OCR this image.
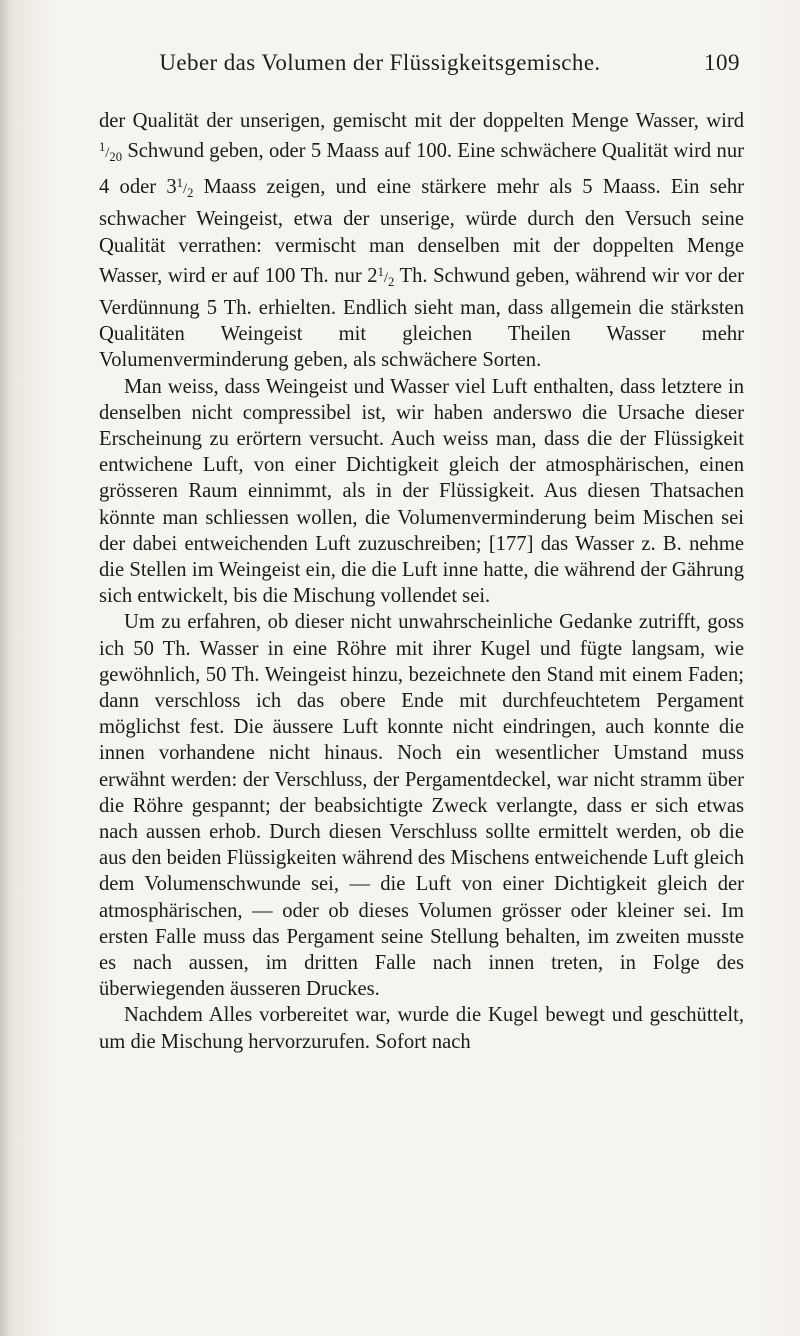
Ueber das Volumen der Flüssigkeitsgemische.	109

der Qualität der unserigen, gemischt mit der doppelten Menge Wasser, wird $^1/_{20}$ Schwund geben, oder 5 Maass auf 100. Eine schwächere Qualität wird nur 4 oder $3^1/_2$ Maass zeigen, und eine stärkere mehr als 5 Maass. Ein sehr schwacher Weingeist, etwa der unserige, würde durch den Versuch seine Qualität verrathen: vermischt man denselben mit der doppelten Menge Wasser, wird er auf 100 Th. nur $2^1/_2$ Th. Schwund geben, während wir vor der Verdünnung 5 Th. erhielten. Endlich sieht man, dass allgemein die stärksten Qualitäten Weingeist mit gleichen Theilen Wasser mehr Volumenverminderung geben, als schwächere Sorten.

Man weiss, dass Weingeist und Wasser viel Luft enthalten, dass letztere in denselben nicht compressibel ist, wir haben anderswo die Ursache dieser Erscheinung zu erörtern versucht. Auch weiss man, dass die der Flüssigkeit entwichene Luft, von einer Dichtigkeit gleich der atmosphärischen, einen grösseren Raum einnimmt, als in der Flüssigkeit. Aus diesen Thatsachen könnte man schliessen wollen, die Volumenverminderung beim Mischen sei der dabei entweichenden Luft zuzuschreiben; [177] das Wasser z. B. nehme die Stellen im Weingeist ein, die die Luft inne hatte, die während der Gährung sich entwickelt, bis die Mischung vollendet sei.

Um zu erfahren, ob dieser nicht unwahrscheinliche Gedanke zutrifft, goss ich 50 Th. Wasser in eine Röhre mit ihrer Kugel und fügte langsam, wie gewöhnlich, 50 Th. Weingeist hinzu, bezeichnete den Stand mit einem Faden; dann verschloss ich das obere Ende mit durchfeuchtetem Pergament möglichst fest. Die äussere Luft konnte nicht eindringen, auch konnte die innen vorhandene nicht hinaus. Noch ein wesentlicher Umstand muss erwähnt werden: der Verschluss, der Pergamentdeckel, war nicht stramm über die Röhre gespannt; der beabsichtigte Zweck verlangte, dass er sich etwas nach aussen erhob. Durch diesen Verschluss sollte ermittelt werden, ob die aus den beiden Flüssigkeiten während des Mischens entweichende Luft gleich dem Volumenschwunde sei, — die Luft von einer Dichtigkeit gleich der atmosphärischen, — oder ob dieses Volumen grösser oder kleiner sei. Im ersten Falle muss das Pergament seine Stellung behalten, im zweiten musste es nach aussen, im dritten Falle nach innen treten, in Folge des überwiegenden äusseren Druckes.

Nachdem Alles vorbereitet war, wurde die Kugel bewegt und geschüttelt, um die Mischung hervorzurufen. Sofort nach
